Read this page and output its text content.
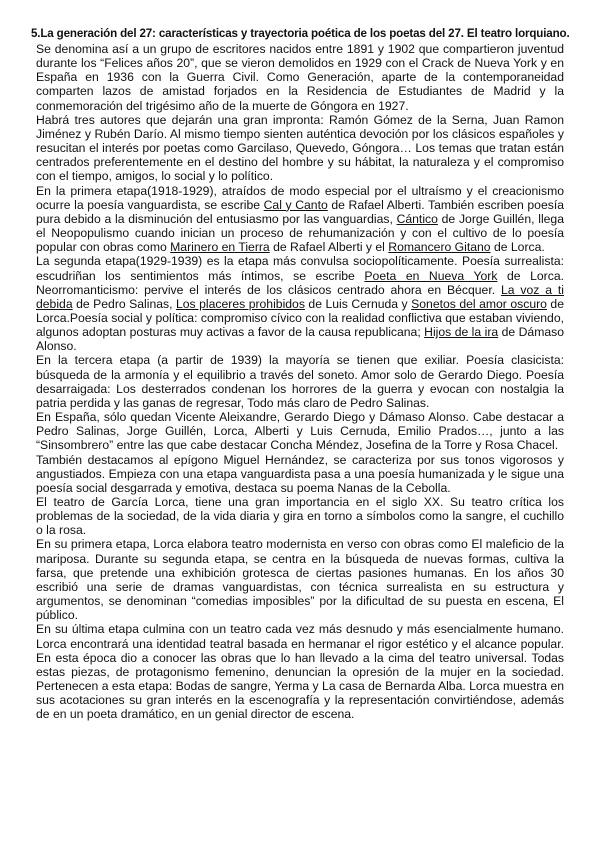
5.La generación del 27: características y trayectoria poética de los poetas del 27. El teatro lorquiano.

Se denomina así a un grupo de escritores nacidos entre 1891 y 1902 que compartieron juventud durante los “Felices años 20”, que se vieron demolidos en 1929 con el Crack de Nueva York y en España en 1936 con la Guerra Civil. Como Generación, aparte de la contemporaneidad comparten lazos de amistad forjados en la Residencia de Estudiantes de Madrid y la conmemoración del trigésimo año de la muerte de Góngora en 1927.

Habrá tres autores que dejarán una gran impronta: Ramón Gómez de la Serna, Juan Ramon Jiménez y Rubén Darío. Al mismo tiempo sienten auténtica devoción por los clásicos españoles y resucitan el interés por poetas como Garcilaso, Quevedo, Góngora… Los temas que tratan están centrados preferentemente en el destino del hombre y su hábitat, la naturaleza y el compromiso con el tiempo, amigos, lo social y lo político.

En la primera etapa(1918-1929), atraídos de modo especial por el ultraísmo y el creacionismo ocurre la poesía vanguardista, se escribe Cal y Canto de Rafael Alberti. También escriben poesía pura debido a la disminución del entusiasmo por las vanguardias, Cántico de Jorge Guillén, llega el Neopopulismo cuando inician un proceso de rehumanización y con el cultivo de lo poesía popular con obras como Marinero en Tierra de Rafael Alberti y el Romancero Gitano de Lorca.

La segunda etapa(1929-1939) es la etapa más convulsa sociopolíticamente. Poesía surrealista: escudriñan los sentimientos más íntimos, se escribe Poeta en Nueva York de Lorca. Neorromanticismo: pervive el interés de los clásicos centrado ahora en Bécquer. La voz a ti debida de Pedro Salinas, Los placeres prohibidos de Luis Cernuda y Sonetos del amor oscuro de Lorca.Poesía social y política: compromiso cívico con la realidad conflictiva que estaban viviendo, algunos adoptan posturas muy activas a favor de la causa republicana; Hijos de la ira de Dámaso Alonso.

En la tercera etapa (a partir de 1939) la mayoría se tienen que exiliar. Poesía clasicista: búsqueda de la armonía y el equilibrio a través del soneto. Amor solo de Gerardo Diego. Poesía desarraigada: Los desterrados condenan los horrores de la guerra y evocan con nostalgia la patria perdida y las ganas de regresar, Todo más claro de Pedro Salinas.

En España, sólo quedan Vicente Aleixandre, Gerardo Diego y Dámaso Alonso. Cabe destacar a Pedro Salinas, Jorge Guillén, Lorca, Alberti y Luis Cernuda, Emilio Prados…, junto a las “Sinsombrero” entre las que cabe destacar Concha Méndez, Josefina de la Torre y Rosa Chacel.

También destacamos al epígono Miguel Hernández, se caracteriza por sus tonos vigorosos y angustiados. Empieza con una etapa vanguardista pasa a una poesía humanizada y le sigue una poesía social desgarrada y emotiva, destaca su poema Nanas de la Cebolla.

El teatro de García Lorca, tiene una gran importancia en el siglo XX. Su teatro crítica los problemas de la sociedad, de la vida diaria y gira en torno a símbolos como la sangre, el cuchillo o la rosa.

En su primera etapa, Lorca elabora teatro modernista en verso con obras como El maleficio de la mariposa. Durante su segunda etapa, se centra en la búsqueda de nuevas formas, cultiva la farsa, que pretende una exhibición grotesca de ciertas pasiones humanas. En los años 30 escribió una serie de dramas vanguardistas, con técnica surrealista en su estructura y argumentos, se denominan “comedias imposibles” por la dificultad de su puesta en escena, El público.

En su última etapa culmina con un teatro cada vez más desnudo y más esencialmente humano. Lorca encontrará una identidad teatral basada en hermanar el rigor estético y el alcance popular. En esta época dio a conocer las obras que lo han llevado a la cima del teatro universal. Todas estas piezas, de protagonismo femenino, denuncian la opresión de la mujer en la sociedad. Pertenecen a esta etapa: Bodas de sangre, Yerma y La casa de Bernarda Alba. Lorca muestra en sus acotaciones su gran interés en la escenografía y la representación convirtiéndose, además de en un poeta dramático, en un genial director de escena.
